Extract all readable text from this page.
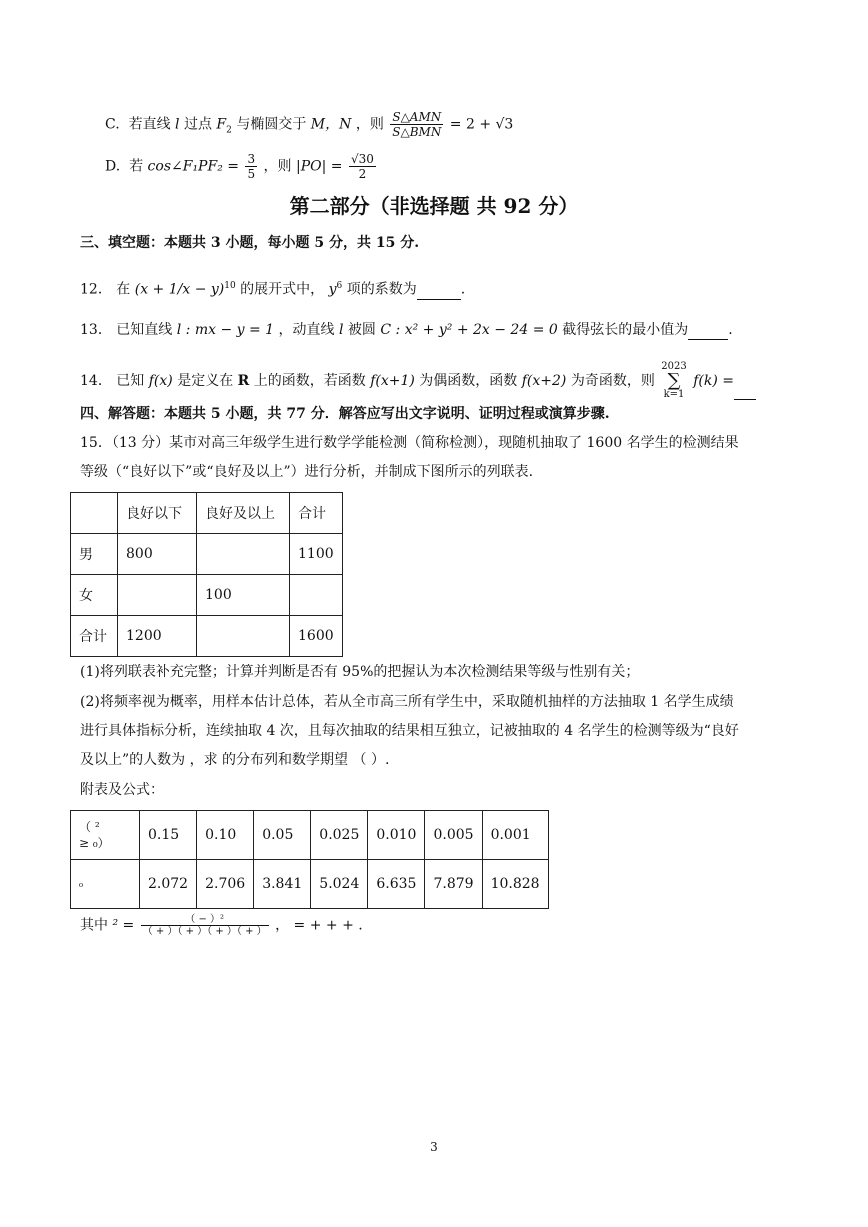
C. 若直线 l 过点 $F_2$ 与椭圆交于 M，N ，则 $\frac{\text{S△AMN}}{\text{S△BMN}} = 2 + √3$
D. 若 cos∠F₁PF₂ = $\frac{3}{5}$ ，则 $|PO| = \frac{√30}{2}$
第二部分（非选择题 共 92 分）
三、填空题：本题共 3 小题，每小题 5 分，共 15 分.
12． 在 $(x + 1/x - y)^{10}$ 的展开式中， $y^6$ 项的系数为	.
13． 已知直线 l : mx − y = 1 ，动直线 l 被圆 C : x² + y² + 2x − 24 = 0 截得弦长的最小值为	.
14． 已知 f(x) 是定义在 R 上的函数，若函数 f(x+1) 为偶函数，函数 f(x+2) 为奇函数，则 2023
∑
k=1 f(k) =
四、解答题：本题共 5 小题，共 77 分．解答应写出文字说明、证明过程或演算步骤.
15．（13 分）某市对高三年级学生进行数学学能检测（简称检测），现随机抽取了 1600 名学生的检测结果
等级（“良好以下”或“良好及以上”）进行分析，并制成下图所示的列联表.
	良好以下	良好及以上	合计
男	800		1100
女		100	
合计	1200		1600
(1)将列联表补充完整；计算并判断是否有 95%的把握认为本次检测结果等级与性别有关；
(2)将频率视为概率，用样本估计总体，若从全市高三所有学生中，采取随机抽样的方法抽取 1 名学生成绩
进行具体指标分析，连续抽取 4 次，且每次抽取的结果相互独立，记被抽取的 4 名学生的检测等级为“良好
及以上”的人数为 ，求 的分布列和数学期望 （ ）.
附表及公式：
（ ²
≥ ₀）	0.15	0.10	0.05	0.025	0.010	0.005	0.001
₀	2.072	2.706	3.841	5.024	6.635	7.879	10.828
其中 $^2 = \frac{\text{（ − ）²}}{( + )( + )( + )( + )}$ ， = + + + .
3
